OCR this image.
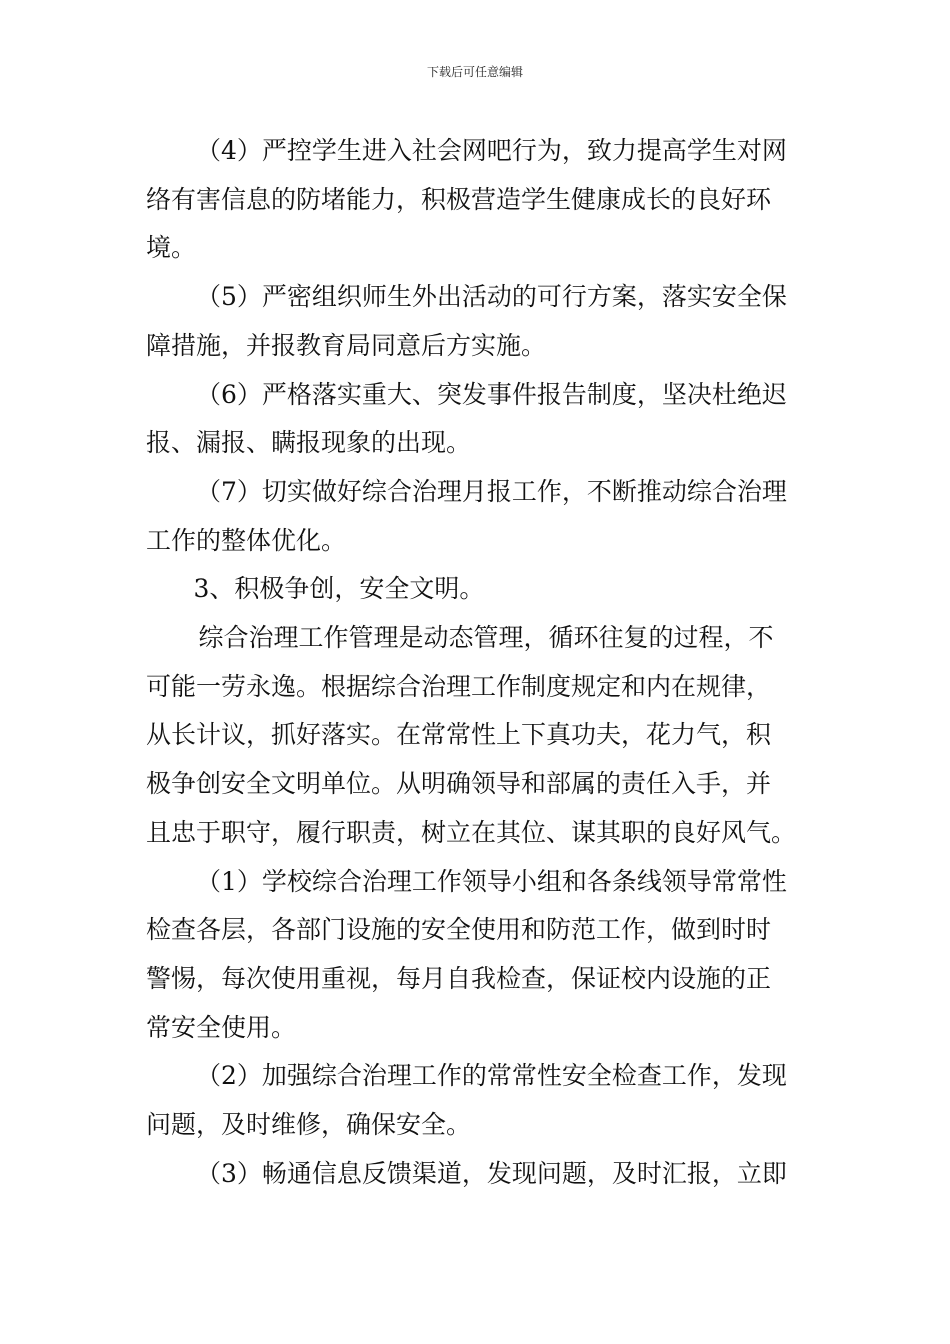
下载后可任意编辑

（4）严控学生进入社会网吧行为，致力提高学生对网
络有害信息的防堵能力，积极营造学生健康成长的良好环
境。

（5）严密组织师生外出活动的可行方案，落实安全保
障措施，并报教育局同意后方实施。

（6）严格落实重大、突发事件报告制度，坚决杜绝迟
报、漏报、瞒报现象的出现。

（7）切实做好综合治理月报工作，不断推动综合治理
工作的整体优化。

3、积极争创，安全文明。

综合治理工作管理是动态管理，循环往复的过程，不
可能一劳永逸。根据综合治理工作制度规定和内在规律，
从长计议，抓好落实。在常常性上下真功夫，花力气，积
极争创安全文明单位。从明确领导和部属的责任入手，并
且忠于职守，履行职责，树立在其位、谋其职的良好风气。

（1）学校综合治理工作领导小组和各条线领导常常性
检查各层，各部门设施的安全使用和防范工作，做到时时
警惕，每次使用重视，每月自我检查，保证校内设施的正
常安全使用。

（2）加强综合治理工作的常常性安全检查工作，发现
问题，及时维修，确保安全。

（3）畅通信息反馈渠道，发现问题，及时汇报，立即
